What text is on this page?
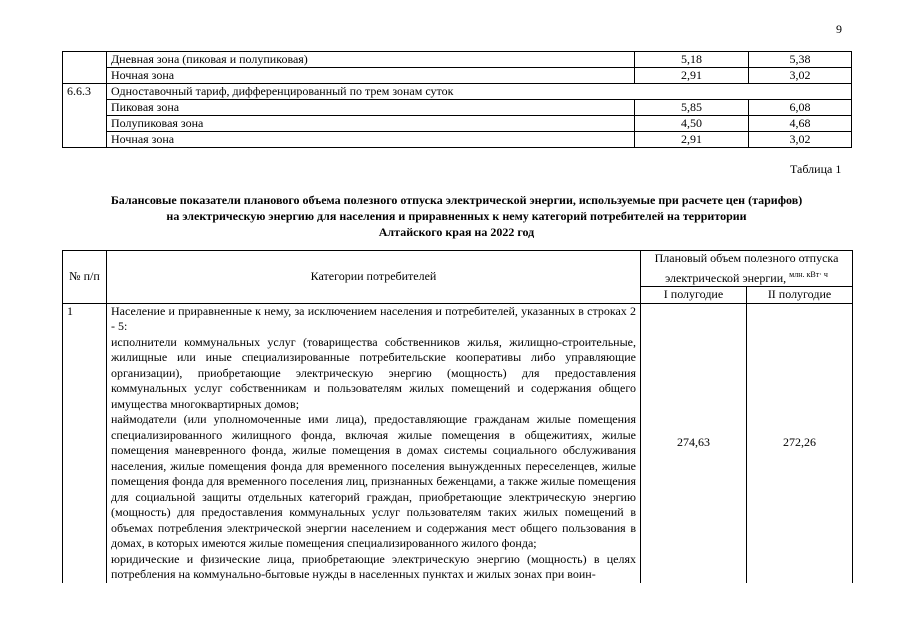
9
	Дневная зона (пиковая и полупиковая)	5,18	5,38
	Ночная зона	2,91	3,02
6.6.3	Одноставочный тариф, дифференцированный по трем зонам суток		
	Пиковая зона	5,85	6,08
	Полупиковая зона	4,50	4,68
	Ночная зона	2,91	3,02
Таблица 1
Балансовые показатели планового объема полезного отпуска электрической энергии, используемые при расчете цен (тарифов)
на электрическую энергию для населения и приравненных к нему категорий потребителей на территории
Алтайского края на 2022 год
№ п/п	Категории потребителей	Плановый объем полезного отпуска электрической энергии, $^{млн. кВт\cdot ч}$
		I полугодие	II полугодие
1	Население и приравненные к нему, за исключением населения и потребителей, указанных в строках 2 - 5:

исполнители коммунальных услуг (товарищества собственников жилья, жилищно-строительные, жилищные или иные специализированные потребительские кооперативы либо управляющие организации), приобретающие электрическую энергию (мощность) для предоставления коммунальных услуг собственникам и пользователям жилых помещений и содержания общего имущества многоквартирных домов;

наймодатели (или уполномоченные ими лица), предоставляющие гражданам жилые помещения специализированного жилищного фонда, включая жилые помещения в общежитиях, жилые помещения маневренного фонда, жилые помещения в домах системы социального обслуживания населения, жилые помещения фонда для временного поселения вынужденных переселенцев, жилые помещения фонда для временного поселения лиц, признанных беженцами, а также жилые помещения для социальной защиты отдельных категорий граждан, приобретающие электрическую энергию (мощность) для предоставления коммунальных услуг пользователям таких жилых помещений в объемах потребления электрической энергии населением и содержания мест общего пользования в домах, в которых имеются жилые помещения специализированного жилого фонда;

юридические и физические лица, приобретающие электрическую энергию (мощность) в целях потребления на коммунально-бытовые нужды в населенных пунктах и жилых зонах при воин-	274,63	272,26
